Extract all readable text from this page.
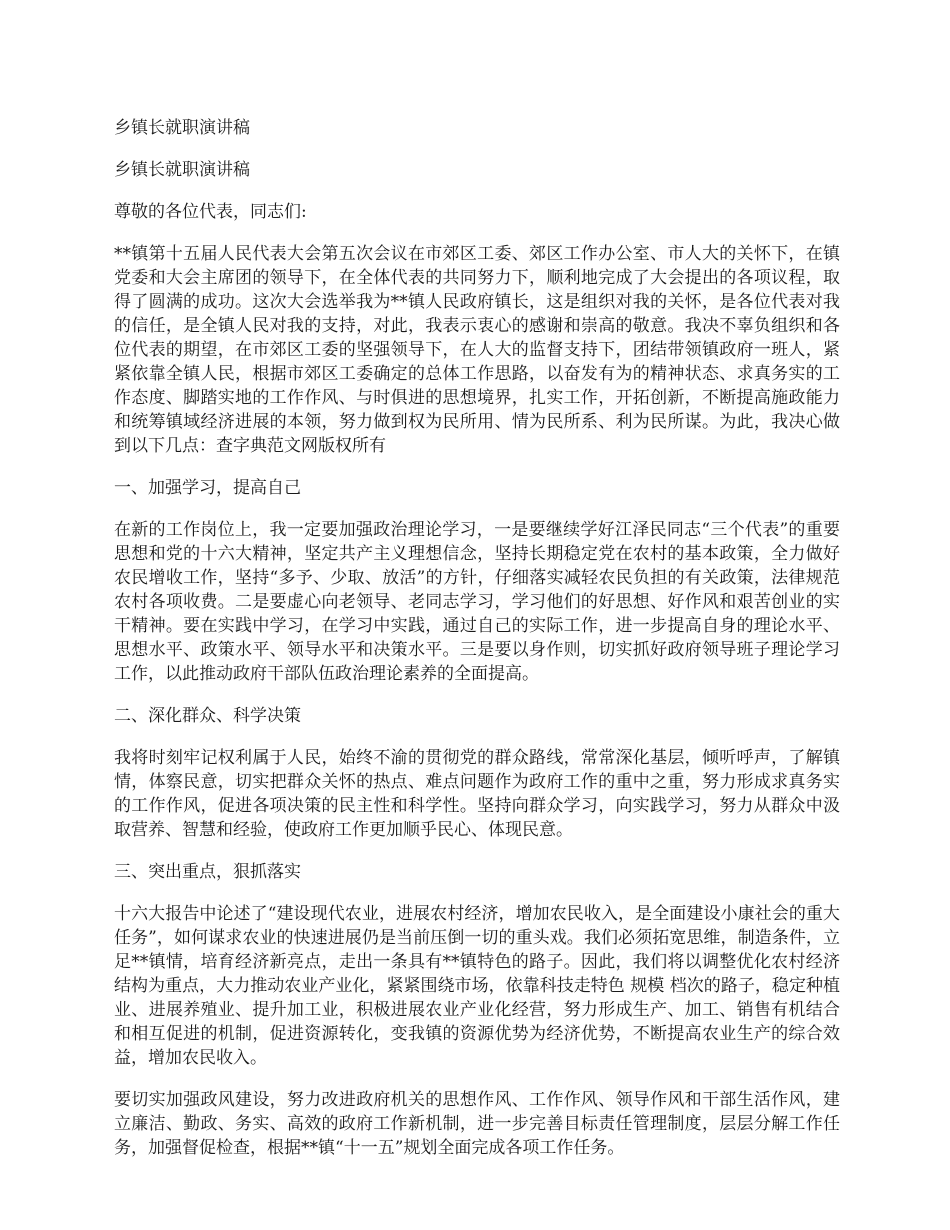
乡镇长就职演讲稿
乡镇长就职演讲稿
尊敬的各位代表，同志们:

**镇第十五届人民代表大会第五次会议在市郊区工委、郊区工作办公室、市人大的关怀下，在镇党委和大会主席团的领导下，在全体代表的共同努力下，顺利地完成了大会提出的各项议程，取得了圆满的成功。这次大会选举我为**镇人民政府镇长，这是组织对我的关怀，是各位代表对我的信任，是全镇人民对我的支持，对此，我表示衷心的感谢和崇高的敬意。我决不辜负组织和各位代表的期望，在市郊区工委的坚强领导下，在人大的监督支持下，团结带领镇政府一班人，紧紧依靠全镇人民，根据市郊区工委确定的总体工作思路，以奋发有为的精神状态、求真务实的工作态度、脚踏实地的工作作风、与时俱进的思想境界，扎实工作，开拓创新，不断提高施政能力和统筹镇域经济进展的本领，努力做到权为民所用、情为民所系、利为民所谋。为此，我决心做到以下几点：查字典范文网版权所有

一、加强学习，提高自己

在新的工作岗位上，我一定要加强政治理论学习，一是要继续学好江泽民同志“三个代表”的重要思想和党的十六大精神，坚定共产主义理想信念，坚持长期稳定党在农村的基本政策，全力做好农民增收工作，坚持“多予、少取、放活”的方针，仔细落实减轻农民负担的有关政策，法律规范农村各项收费。二是要虚心向老领导、老同志学习，学习他们的好思想、好作风和艰苦创业的实干精神。要在实践中学习，在学习中实践，通过自己的实际工作，进一步提高自身的理论水平、思想水平、政策水平、领导水平和决策水平。三是要以身作则，切实抓好政府领导班子理论学习工作，以此推动政府干部队伍政治理论素养的全面提高。

二、深化群众、科学决策

我将时刻牢记权利属于人民，始终不渝的贯彻党的群众路线，常常深化基层，倾听呼声，了解镇情，体察民意，切实把群众关怀的热点、难点问题作为政府工作的重中之重，努力形成求真务实的工作作风，促进各项决策的民主性和科学性。坚持向群众学习，向实践学习，努力从群众中汲取营养、智慧和经验，使政府工作更加顺乎民心、体现民意。

三、突出重点，狠抓落实

十六大报告中论述了“建设现代农业，进展农村经济，增加农民收入，是全面建设小康社会的重大任务”，如何谋求农业的快速进展仍是当前压倒一切的重头戏。我们必须拓宽思维，制造条件，立足**镇情，培育经济新亮点，走出一条具有**镇特色的路子。因此，我们将以调整优化农村经济结构为重点，大力推动农业产业化，紧紧围绕市场，依靠科技走特色 规模 档次的路子，稳定种植业、进展养殖业、提升加工业，积极进展农业产业化经营，努力形成生产、加工、销售有机结合和相互促进的机制，促进资源转化，变我镇的资源优势为经济优势，不断提高农业生产的综合效益，增加农民收入。

要切实加强政风建设，努力改进政府机关的思想作风、工作作风、领导作风和干部生活作风，建立廉洁、勤政、务实、高效的政府工作新机制，进一步完善目标责任管理制度，层层分解工作任务，加强督促检查，根据**镇“十一五”规划全面完成各项工作任务。
